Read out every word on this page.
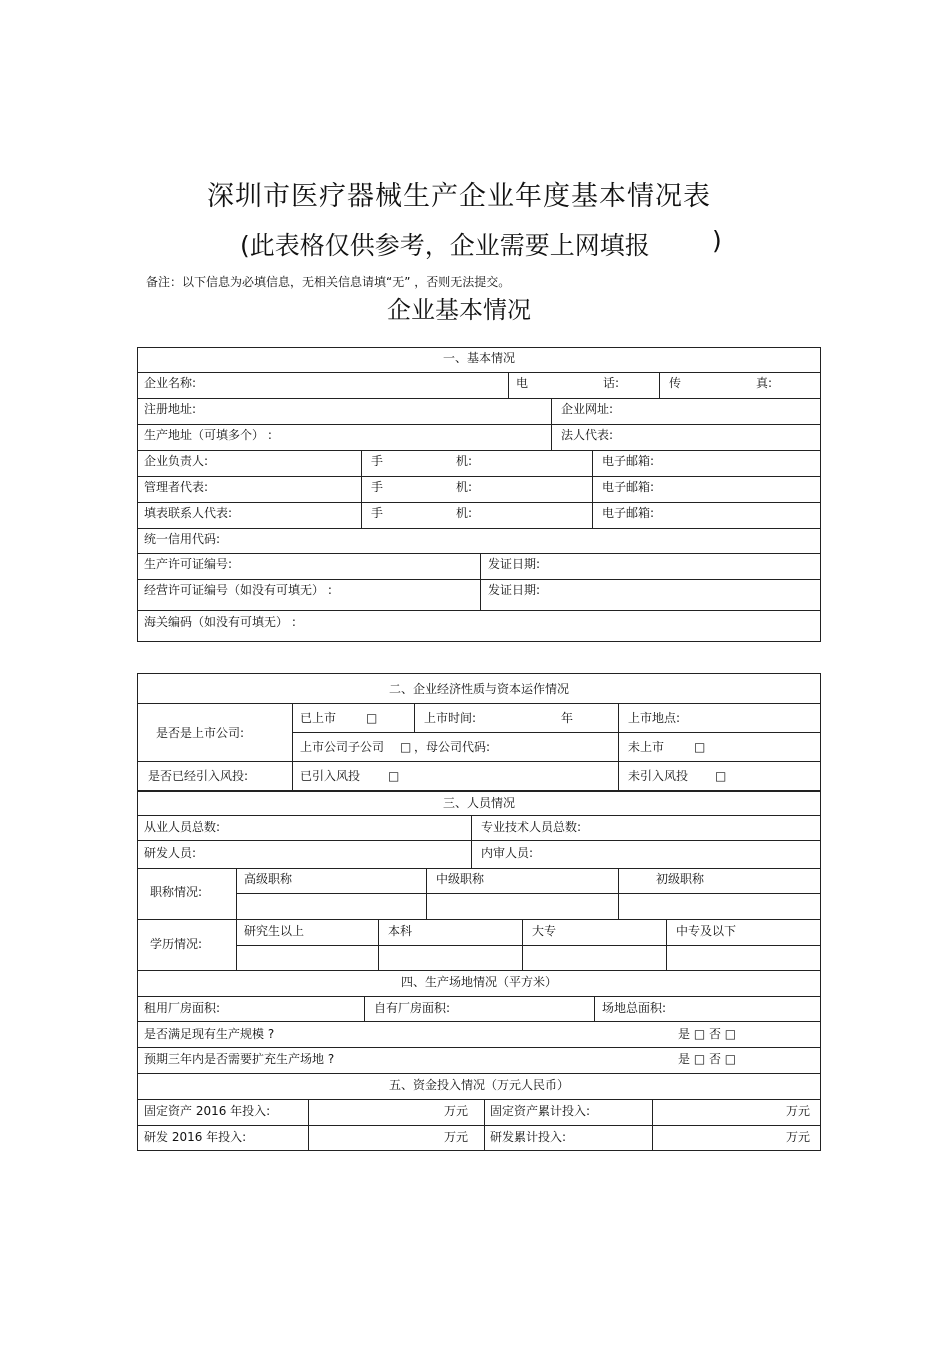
深圳市医疗器械生产企业年度基本情况表
(此表格仅供参考，企业需要上网填报 )
备注：以下信息为必填信息，无相关信息请填“无” ，否则无法提交。
企业基本情况
一、基本情况
企业名称:	电	话:	传	真:
注册地址:	企业网址:
生产地址（可填多个） :	法人代表:
企业负责人:	手	机:	电子邮箱:
管理者代表:	手	机:	电子邮箱:
填表联系人代表:	手	机:	电子邮箱:
统一信用代码:
生产许可证编号:	发证日期:
经营许可证编号（如没有可填无） :	发证日期:
海关编码（如没有可填无） :
二、企业经济性质与资本运作情况
是否是上市公司:
已上市 □	上市时间:	年	上市地点:
上市公司子公司 □ ，母公司代码:	未上市 □
是否已经引入风投:	已引入风投 □	未引入风投 □
三、人员情况
从业人员总数:	专业技术人员总数:
研发人员:	内审人员:
职称情况:
高级职称	中级职称	初级职称
学历情况:
研究生以上	本科	大专	中专及以下
四、生产场地情况（平方米）
租用厂房面积:	自有厂房面积:	场地总面积:
是否满足现有生产规模 ?	是 □ 否 □
预期三年内是否需要扩充生产场地 ?	是 □ 否 □
五、资金投入情况（万元人民币）
固定资产 2016 年投入:	万元 固定资产累计投入:	万元
研发 2016 年投入:	万元 研发累计投入:	万元
